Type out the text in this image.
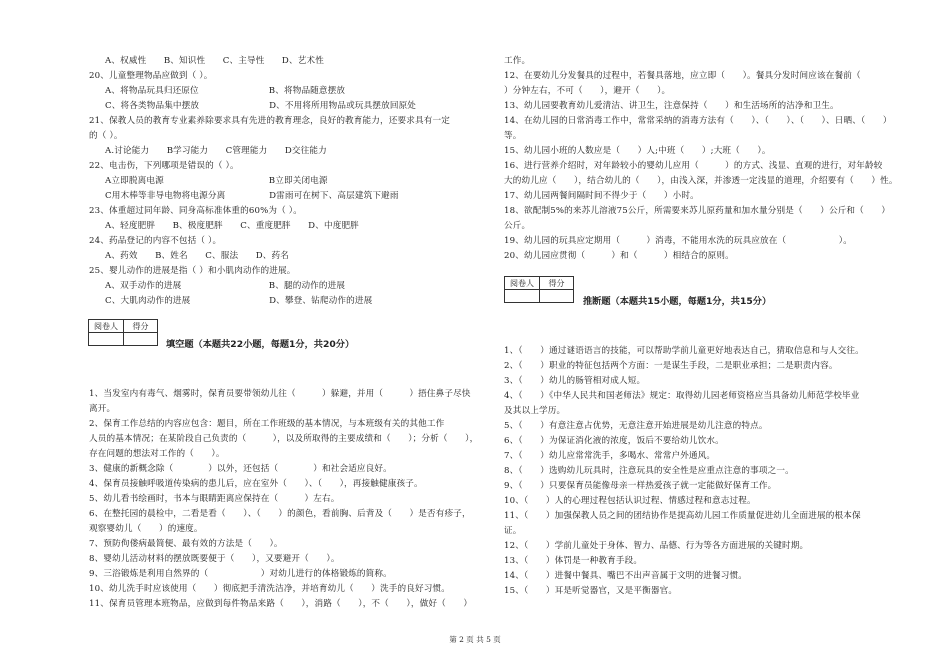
A、权威性　　B、知识性　　C、主导性　　D、艺术性
20、儿童整理物品应做到（ ）。
A、将物品玩具归还原位　　　　　　　　B、将物品随意摆放
C、将各类物品集中摆放　　　　　　　　D、不用将所用物品或玩具摆放回原处
21、保教人员的教育专业素养除要求具有先进的教育理念，良好的教育能力，还要求具有一定
的（ ）。
A.讨论能力　　B学习能力　　C管理能力　　D交往能力
22、电击伤，下列哪项是错误的（ ）。
A立即脱离电源　　　　　　　　　　　　B立即关闭电源
C用木棒等非导电物将电源分离　　　　　D雷雨可在树下、高层建筑下避雨
23、体重超过同年龄、同身高标准体重的60%为（ ）。
A、轻度肥胖　　B、极度肥胖　　C、重度肥胖　　D、中度肥胖
24、药品登记的内容不包括（ ）。
A、药效　　B、姓名　　C、服法　　D、药名
25、婴儿动作的进展是指（ ）和小肌肉动作的进展。
A、双手动作的进展　　　　　　　　　　B、腿的动作的进展
C、大肌肉动作的进展　　　　　　　　　D、攀登、钻爬动作的进展
阅卷人	得分
填空题（本题共22小题，每题1分，共20分）
1、当发室内有毒气、烟雾时，保育员要带领幼儿往（　　　）躲避，并用（　　　）捂住鼻子尽快
离开。
2、保育工作总结的内容应包含：题目，所在工作班级的基本情况，与本班级有关的其他工作
人员的基本情况；在某阶段自己负责的（　　　），以及所取得的主要成绩和（　　）；分析（　　），
存在问题的想法对工作的（　　）。
3、健康的新概念除（　　　　）以外，还包括（　　　　）和社会适应良好。
4、保育员接触呼吸道传染病的患儿后，应在室外（　　）、（　　），再接触健康孩子。
5、幼儿看书绘画时，书本与眼睛距离应保持在（　　　）左右。
6、在整托园的晨检中，二看是看（　　）、（　　）的颜色，看前胸、后背及（　　）是否有疹子，
观察婴幼儿（　　）的速度。
7、预防佝偻病最简便、最有效的方法是（　　）。
8、婴幼儿活动材料的摆放既要便于（　　），又要避开（　　）。
9、三浴锻炼是利用自然界的（　　　　　　）对幼儿进行的体格锻炼的简称。
10、幼儿洗手时应该使用（　　）彻底把手清洗洁净，并培育幼儿（　　）洗手的良好习惯。
11、保育员管理本班物品，应做到每件物品来路（　　），消路（　　），不（　　），做好（　　）
工作。
12、在要幼儿分发餐具的过程中，若餐具落地，应立即（　　）。餐具分发时间应该在餐前（
）分钟左右，不可（　　），避开（　　）。
13、幼儿园要教育幼儿爱清洁、讲卫生，注意保持（　　）和生活场所的洁净和卫生。
14、在幼儿园的日常消毒工作中，常常采纳的消毒方法有（　　）、（　　）、（　　）、日晒、（　　）
等。
15、幼儿园小班的人数应是（　　）人;中班（　　）;大班（　　）。
16、进行营养介绍时，对年龄较小的婴幼儿应用（　　　）的方式、浅显、直观的进行，对年龄较
大的幼儿应（　　），结合幼儿的（　　），由浅入深，并渗透一定浅显的道理，介绍要有（　　）性。
17、幼儿园两餐间隔时间不得少于（　　）小时。
18、欲配制5%的来苏儿溶液75公斤，所需要来苏儿原药量和加水量分别是（　　）公斤和（　　）
公斤。
19、幼儿园的玩具应定期用（　　　）消毒，不能用水洗的玩具应放在（　　　　　　）。
20、幼儿园应贯彻（　　　）和（　　　）相结合的原则。
阅卷人	得分
推断题（本题共15小题，每题1分，共15分）
1、（　　）通过谜语语言的技能，可以帮助学前儿童更好地表达自己，猜取信息和与人交往。
2、（　　）职业的特征包括两个方面：一是谋生手段，二是职业承担；二是职责内容。
3、（　　）幼儿的肠管相对成人短。
4、（　　）《中华人民共和国老师法》规定：取得幼儿园老师资格应当具备幼儿师范学校毕业
及其以上学历。
5、（　　）有意注意占优势，无意注意开始进展是幼儿注意的特点。
6、（　　）为保证消化液的浓度，饭后不要给幼儿饮水。
7、（　　）幼儿应常常洗手，多喝水、常常户外通风。
8、（　　）选购幼儿玩具时，注意玩具的安全性是应重点注意的事项之一。
9、（　　）只要保育员能像母亲一样热爱孩子就一定能做好保育工作。
10、（　　）人的心理过程包括认识过程、情感过程和意志过程。
11、（　　）加强保教人员之间的团结协作是提高幼儿园工作质量促进幼儿全面进展的根本保
证。
12、（　　）学前儿童处于身体、智力、品德、行为等各方面进展的关键时期。
13、（　　）体罚是一种教育手段。
14、（　　）进餐中餐具、嘴巴不出声音属于文明的进餐习惯。
15、（　　）耳是听觉器官，又是平衡器官。
第 2 页 共 5 页
